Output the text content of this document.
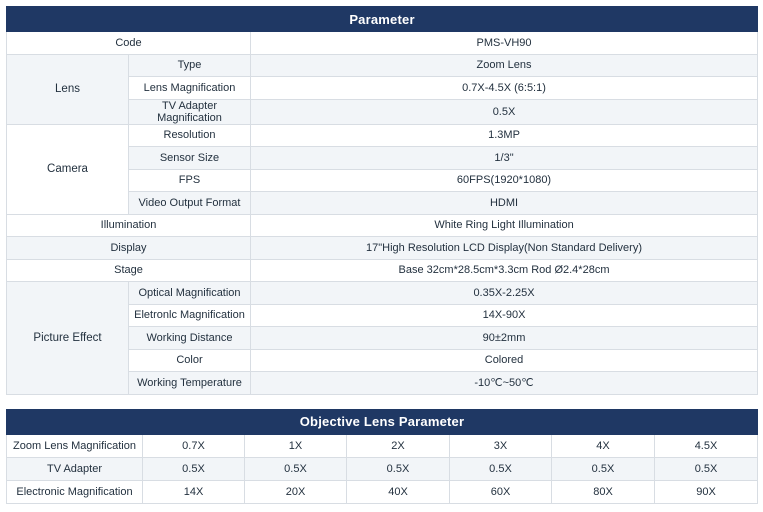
Parameter		
Code		PMS-VH90
Lens	Type	Zoom Lens
	Lens Magnification	0.7X-4.5X (6:5:1)
	TV Adapter Magnification	0.5X
Camera	Resolution	1.3MP
	Sensor Size	1/3"
	FPS	60FPS(1920*1080)
	Video Output Format	HDMI
Illumination		White Ring Light Illumination
Display		17"High Resolution LCD Display(Non Standard Delivery)
Stage		Base 32cm*28.5cm*3.3cm Rod Ø2.4*28cm
Picture Effect	Optical Magnification	0.35X-2.25X
	Eletronlc Magnification	14X-90X
	Working Distance	90±2mm
	Color	Colored
	Working Temperature	-10℃~50℃
Objective Lens Parameter						
Zoom Lens Magnification	0.7X	1X	2X	3X	4X	4.5X
TV Adapter	0.5X	0.5X	0.5X	0.5X	0.5X	0.5X
Electronic Magnification	14X	20X	40X	60X	80X	90X
